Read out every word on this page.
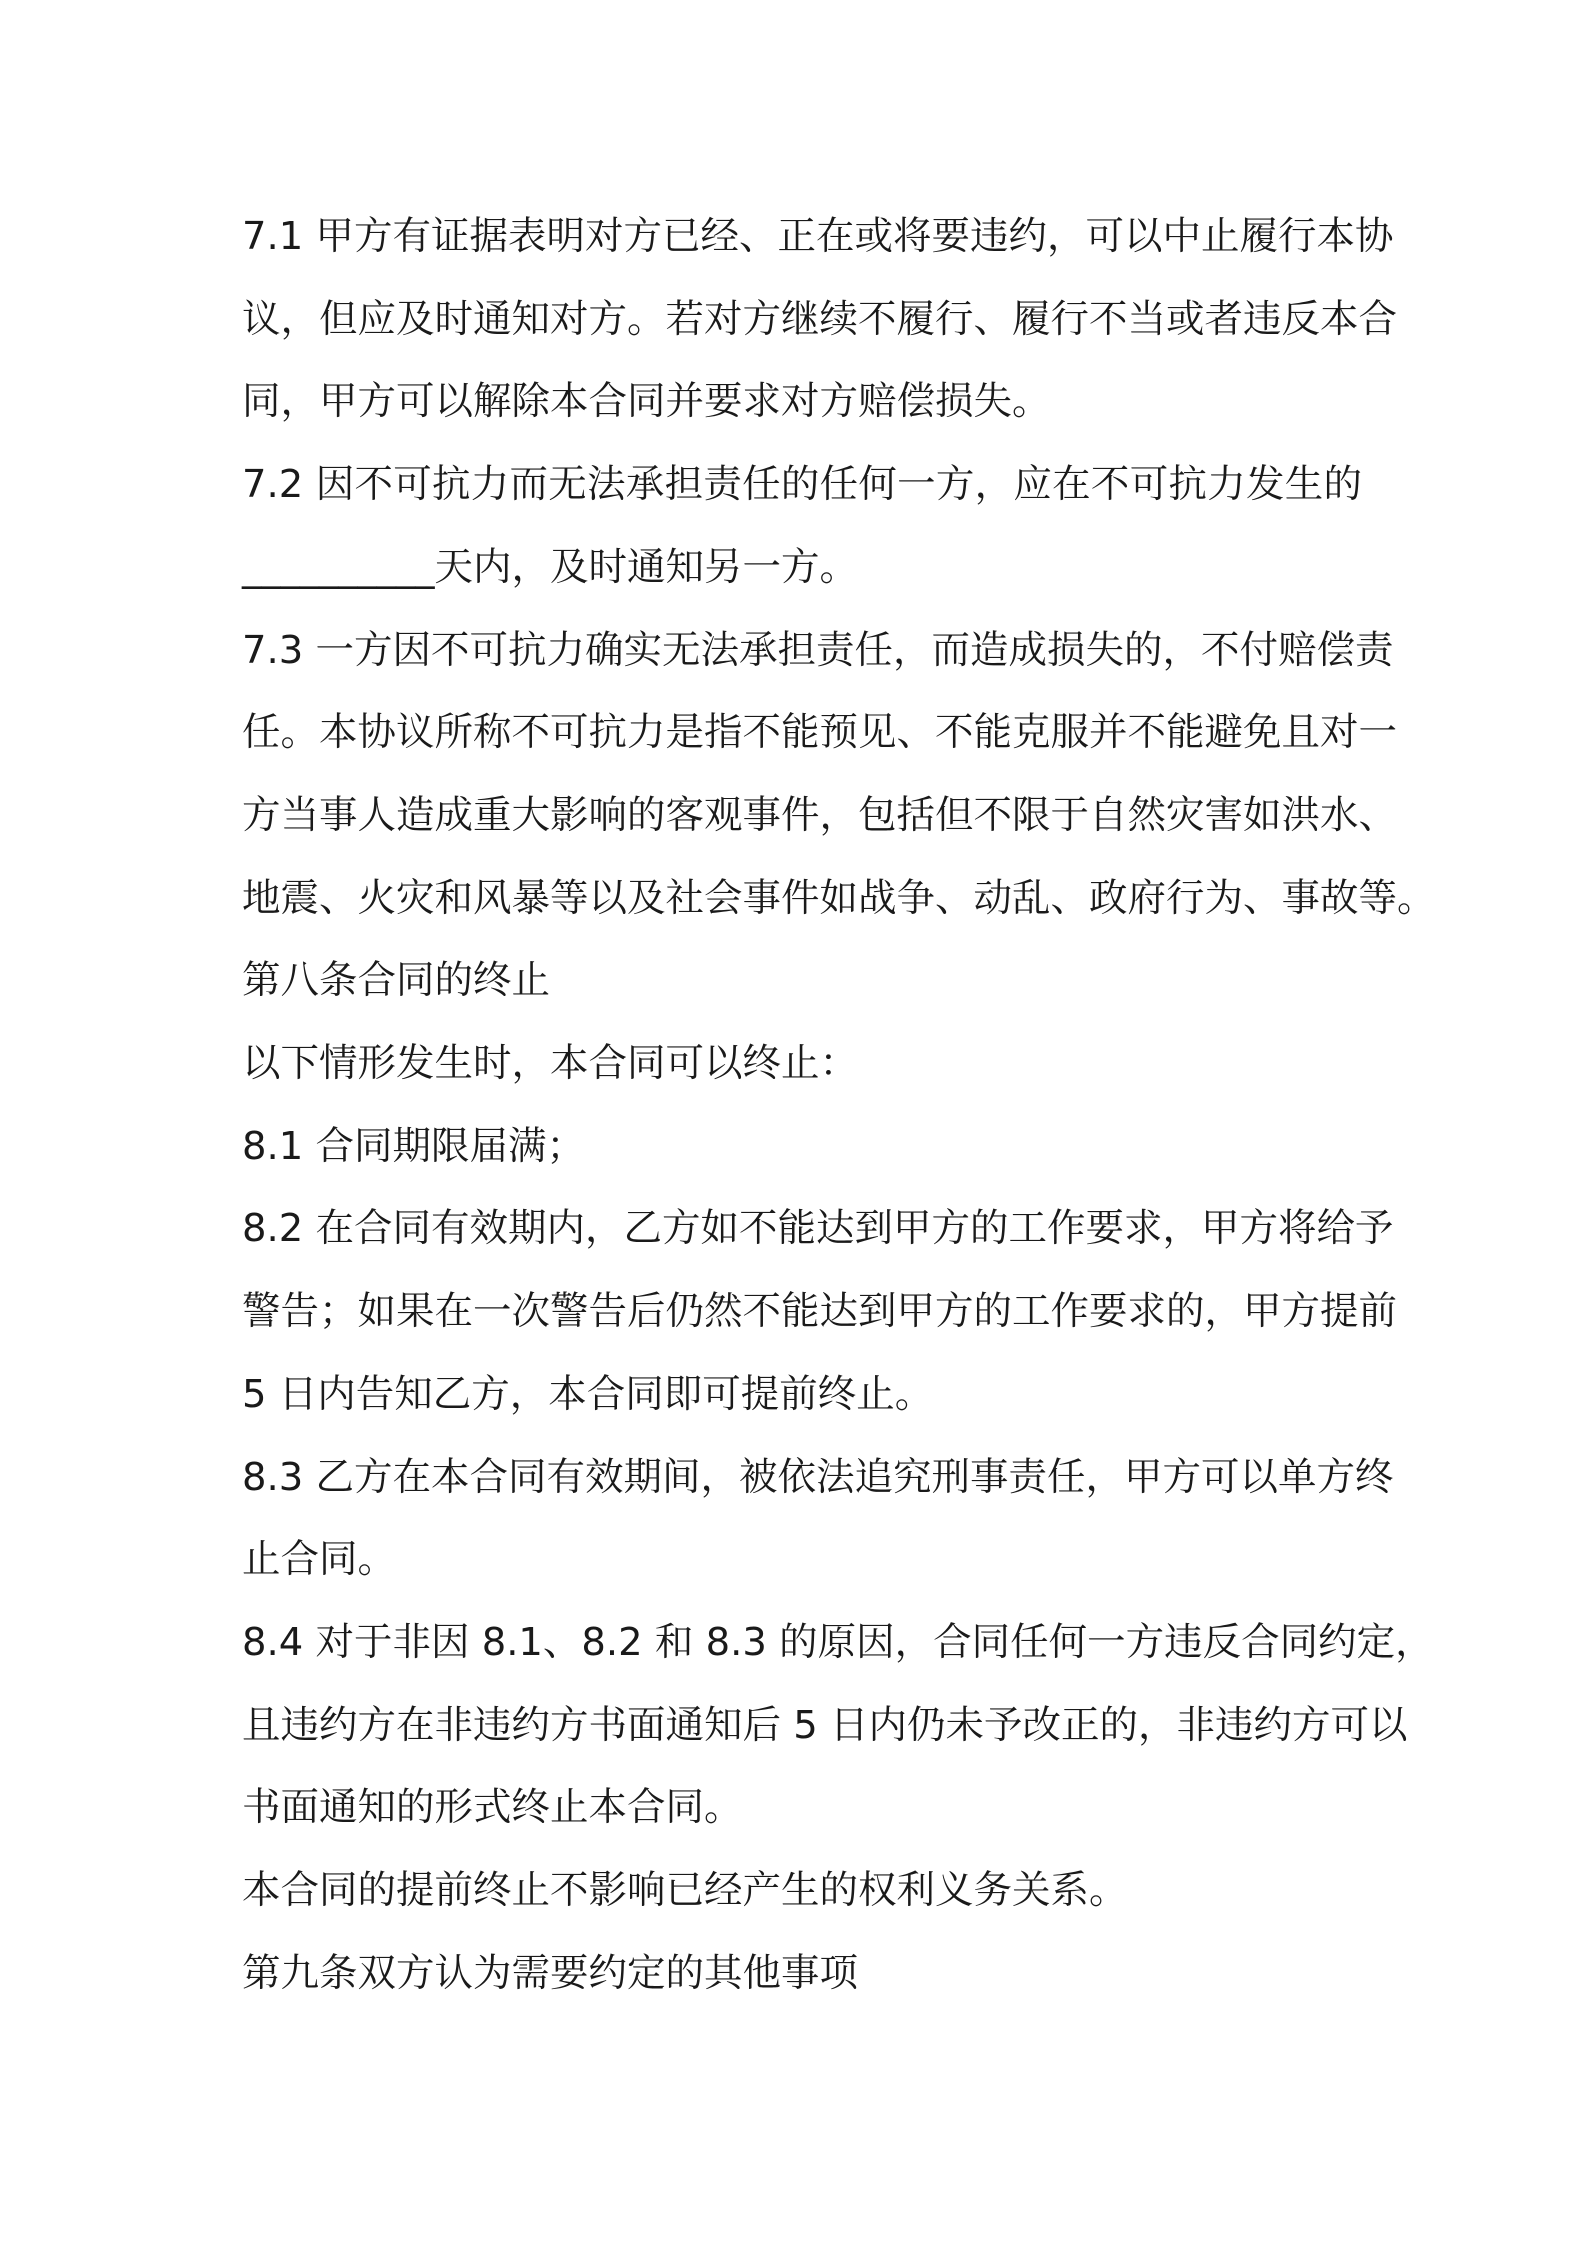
7.1 甲方有证据表明对方已经、正在或将要违约，可以中止履行本协
议，但应及时通知对方。若对方继续不履行、履行不当或者违反本合
同，甲方可以解除本合同并要求对方赔偿损失。

7.2 因不可抗力而无法承担责任的任何一方，应在不可抗力发生的
__________天内，及时通知另一方。

7.3 一方因不可抗力确实无法承担责任，而造成损失的，不付赔偿责
任。本协议所称不可抗力是指不能预见、不能克服并不能避免且对一
方当事人造成重大影响的客观事件，包括但不限于自然灾害如洪水、
地震、火灾和风暴等以及社会事件如战争、动乱、政府行为、事故等。

第八条合同的终止

以下情形发生时，本合同可以终止：

8.1 合同期限届满；

8.2 在合同有效期内，乙方如不能达到甲方的工作要求，甲方将给予
警告；如果在一次警告后仍然不能达到甲方的工作要求的，甲方提前
5 日内告知乙方，本合同即可提前终止。

8.3 乙方在本合同有效期间，被依法追究刑事责任，甲方可以单方终
止合同。

8.4 对于非因 8.1、8.2 和 8.3 的原因，合同任何一方违反合同约定，
且违约方在非违约方书面通知后 5 日内仍未予改正的，非违约方可以
书面通知的形式终止本合同。

本合同的提前终止不影响已经产生的权利义务关系。

第九条双方认为需要约定的其他事项
